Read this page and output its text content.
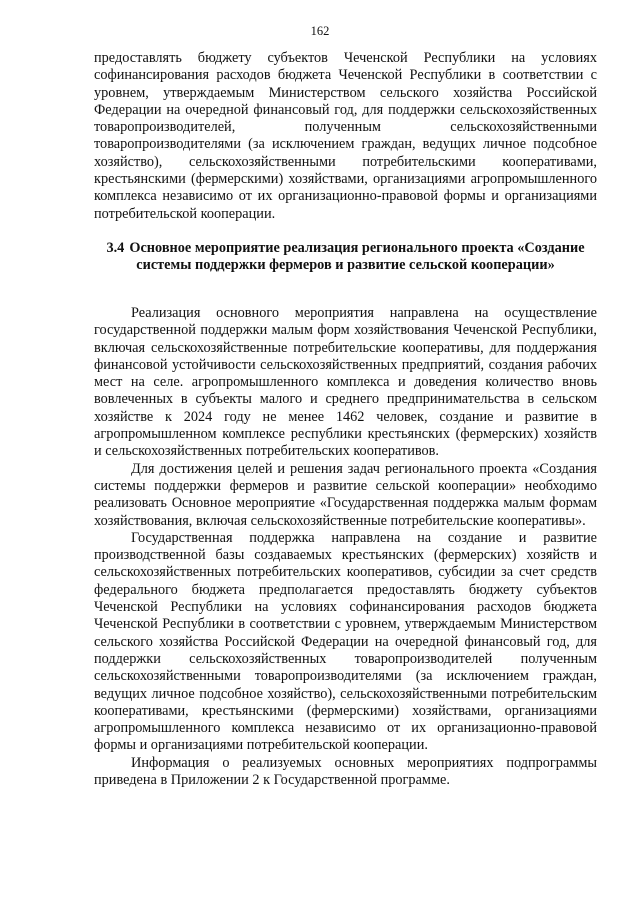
162

предоставлять бюджету субъектов Чеченской Республики на условиях софинансирования расходов бюджета Чеченской Республики в соответствии с уровнем, утверждаемым Министерством сельского хозяйства Российской Федерации на очередной финансовый год, для поддержки сельскохозяйственных товаропроизводителей, полученным сельскохозяйственными товаропроизводителями (за исключением граждан, ведущих личное подсобное хозяйство), сельскохозяйственными потребительскими кооперативами, крестьянскими (фермерскими) хозяйствами, организациями агропромышленного комплекса независимо от их организационно-правовой формы и организациями потребительской кооперации.

3.4 Основное мероприятие реализация регионального проекта «Создание системы поддержки фермеров и развитие сельской кооперации»

Реализация основного мероприятия направлена на осуществление государственной поддержки малым форм хозяйствования Чеченской Республики, включая сельскохозяйственные потребительские кооперативы, для поддержания финансовой устойчивости сельскохозяйственных предприятий, создания рабочих мест на селе. агропромышленного комплекса и доведения количество вновь вовлеченных в субъекты малого и среднего предпринимательства в сельском хозяйстве к 2024 году не менее 1462 человек, создание и развитие в агропромышленном комплексе республики крестьянских (фермерских) хозяйств и сельскохозяйственных потребительских кооперативов.

Для достижения целей и решения задач регионального проекта «Создания системы поддержки фермеров и развитие сельской кооперации» необходимо реализовать Основное мероприятие «Государственная поддержка малым формам хозяйствования, включая сельскохозяйственные потребительские кооперативы».

Государственная поддержка направлена на создание и развитие производственной базы создаваемых крестьянских (фермерских) хозяйств и сельскохозяйственных потребительских кооперативов, субсидии за счет средств федерального бюджета предполагается предоставлять бюджету субъектов Чеченской Республики на условиях софинансирования расходов бюджета Чеченской Республики в соответствии с уровнем, утверждаемым Министерством сельского хозяйства Российской Федерации на очередной финансовый год, для поддержки сельскохозяйственных товаропроизводителей полученным сельскохозяйственными товаропроизводителями (за исключением граждан, ведущих личное подсобное хозяйство), сельскохозяйственными потребительским кооперативами, крестьянскими (фермерскими) хозяйствами, организациями агропромышленного комплекса независимо от их организационно-правовой формы и организациями потребительской кооперации.

Информация о реализуемых основных мероприятиях подпрограммы приведена в Приложении 2 к Государственной программе.
